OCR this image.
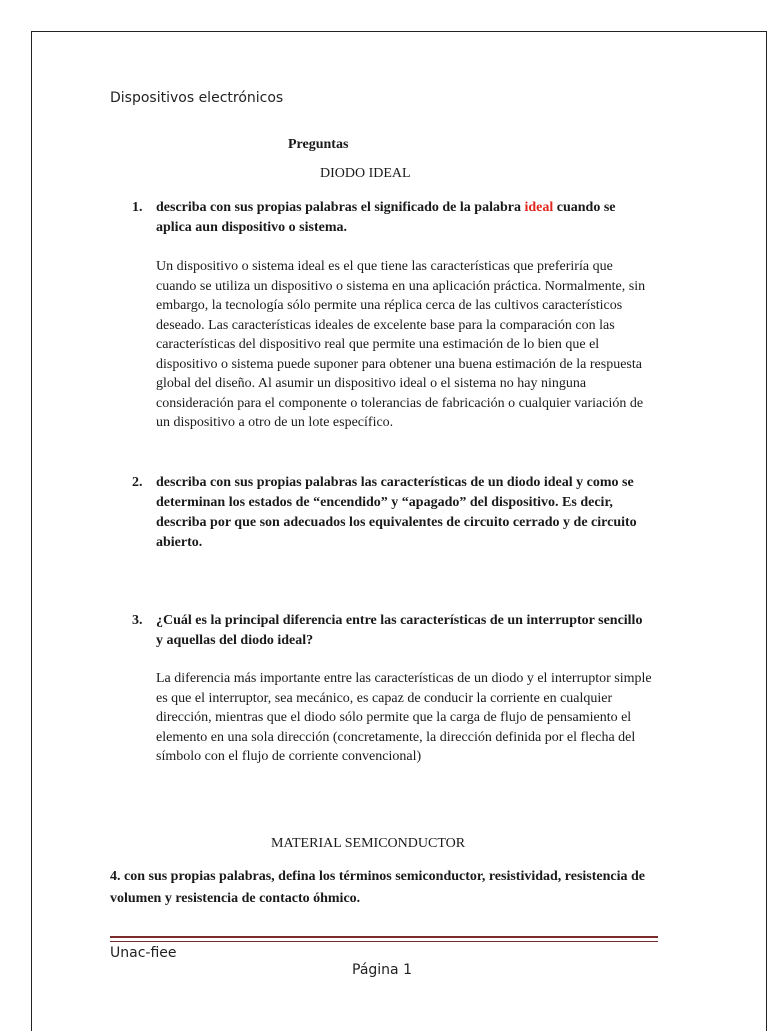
Dispositivos electrónicos
Preguntas
DIODO IDEAL
1. describa con sus propias palabras el significado de la palabra ideal cuando se aplica aun dispositivo o sistema.
Un dispositivo o sistema ideal es el que tiene las características que preferiría que cuando se utiliza un dispositivo o sistema en una aplicación práctica. Normalmente, sin embargo, la tecnología sólo permite una réplica cerca de las cultivos característicos deseado. Las características ideales de excelente base para la comparación con las características del dispositivo real que permite una estimación de lo bien que el dispositivo o sistema puede suponer para obtener una buena estimación de la respuesta global del diseño. Al asumir un dispositivo ideal o el sistema no hay ninguna consideración para el componente o tolerancias de fabricación o cualquier variación de un dispositivo a otro de un lote específico.
2. describa con sus propias palabras las características de un diodo ideal y como se determinan los estados de “encendido” y “apagado” del dispositivo. Es decir, describa por que son adecuados los equivalentes de circuito cerrado y de circuito abierto.
3. ¿Cuál es la principal diferencia entre las características de un interruptor sencillo y aquellas del diodo ideal?
La diferencia más importante entre las características de un diodo y el interruptor simple es que el interruptor, sea mecánico, es capaz de conducir la corriente en cualquier dirección, mientras que el diodo sólo permite que la carga de flujo de pensamiento el elemento en una sola dirección (concretamente, la dirección definida por el flecha del símbolo con el flujo de corriente convencional)
MATERIAL SEMICONDUCTOR
4. con sus propias palabras, defina los términos semiconductor, resistividad, resistencia de volumen y resistencia de contacto óhmico.
Unac-fiee
Página 1
